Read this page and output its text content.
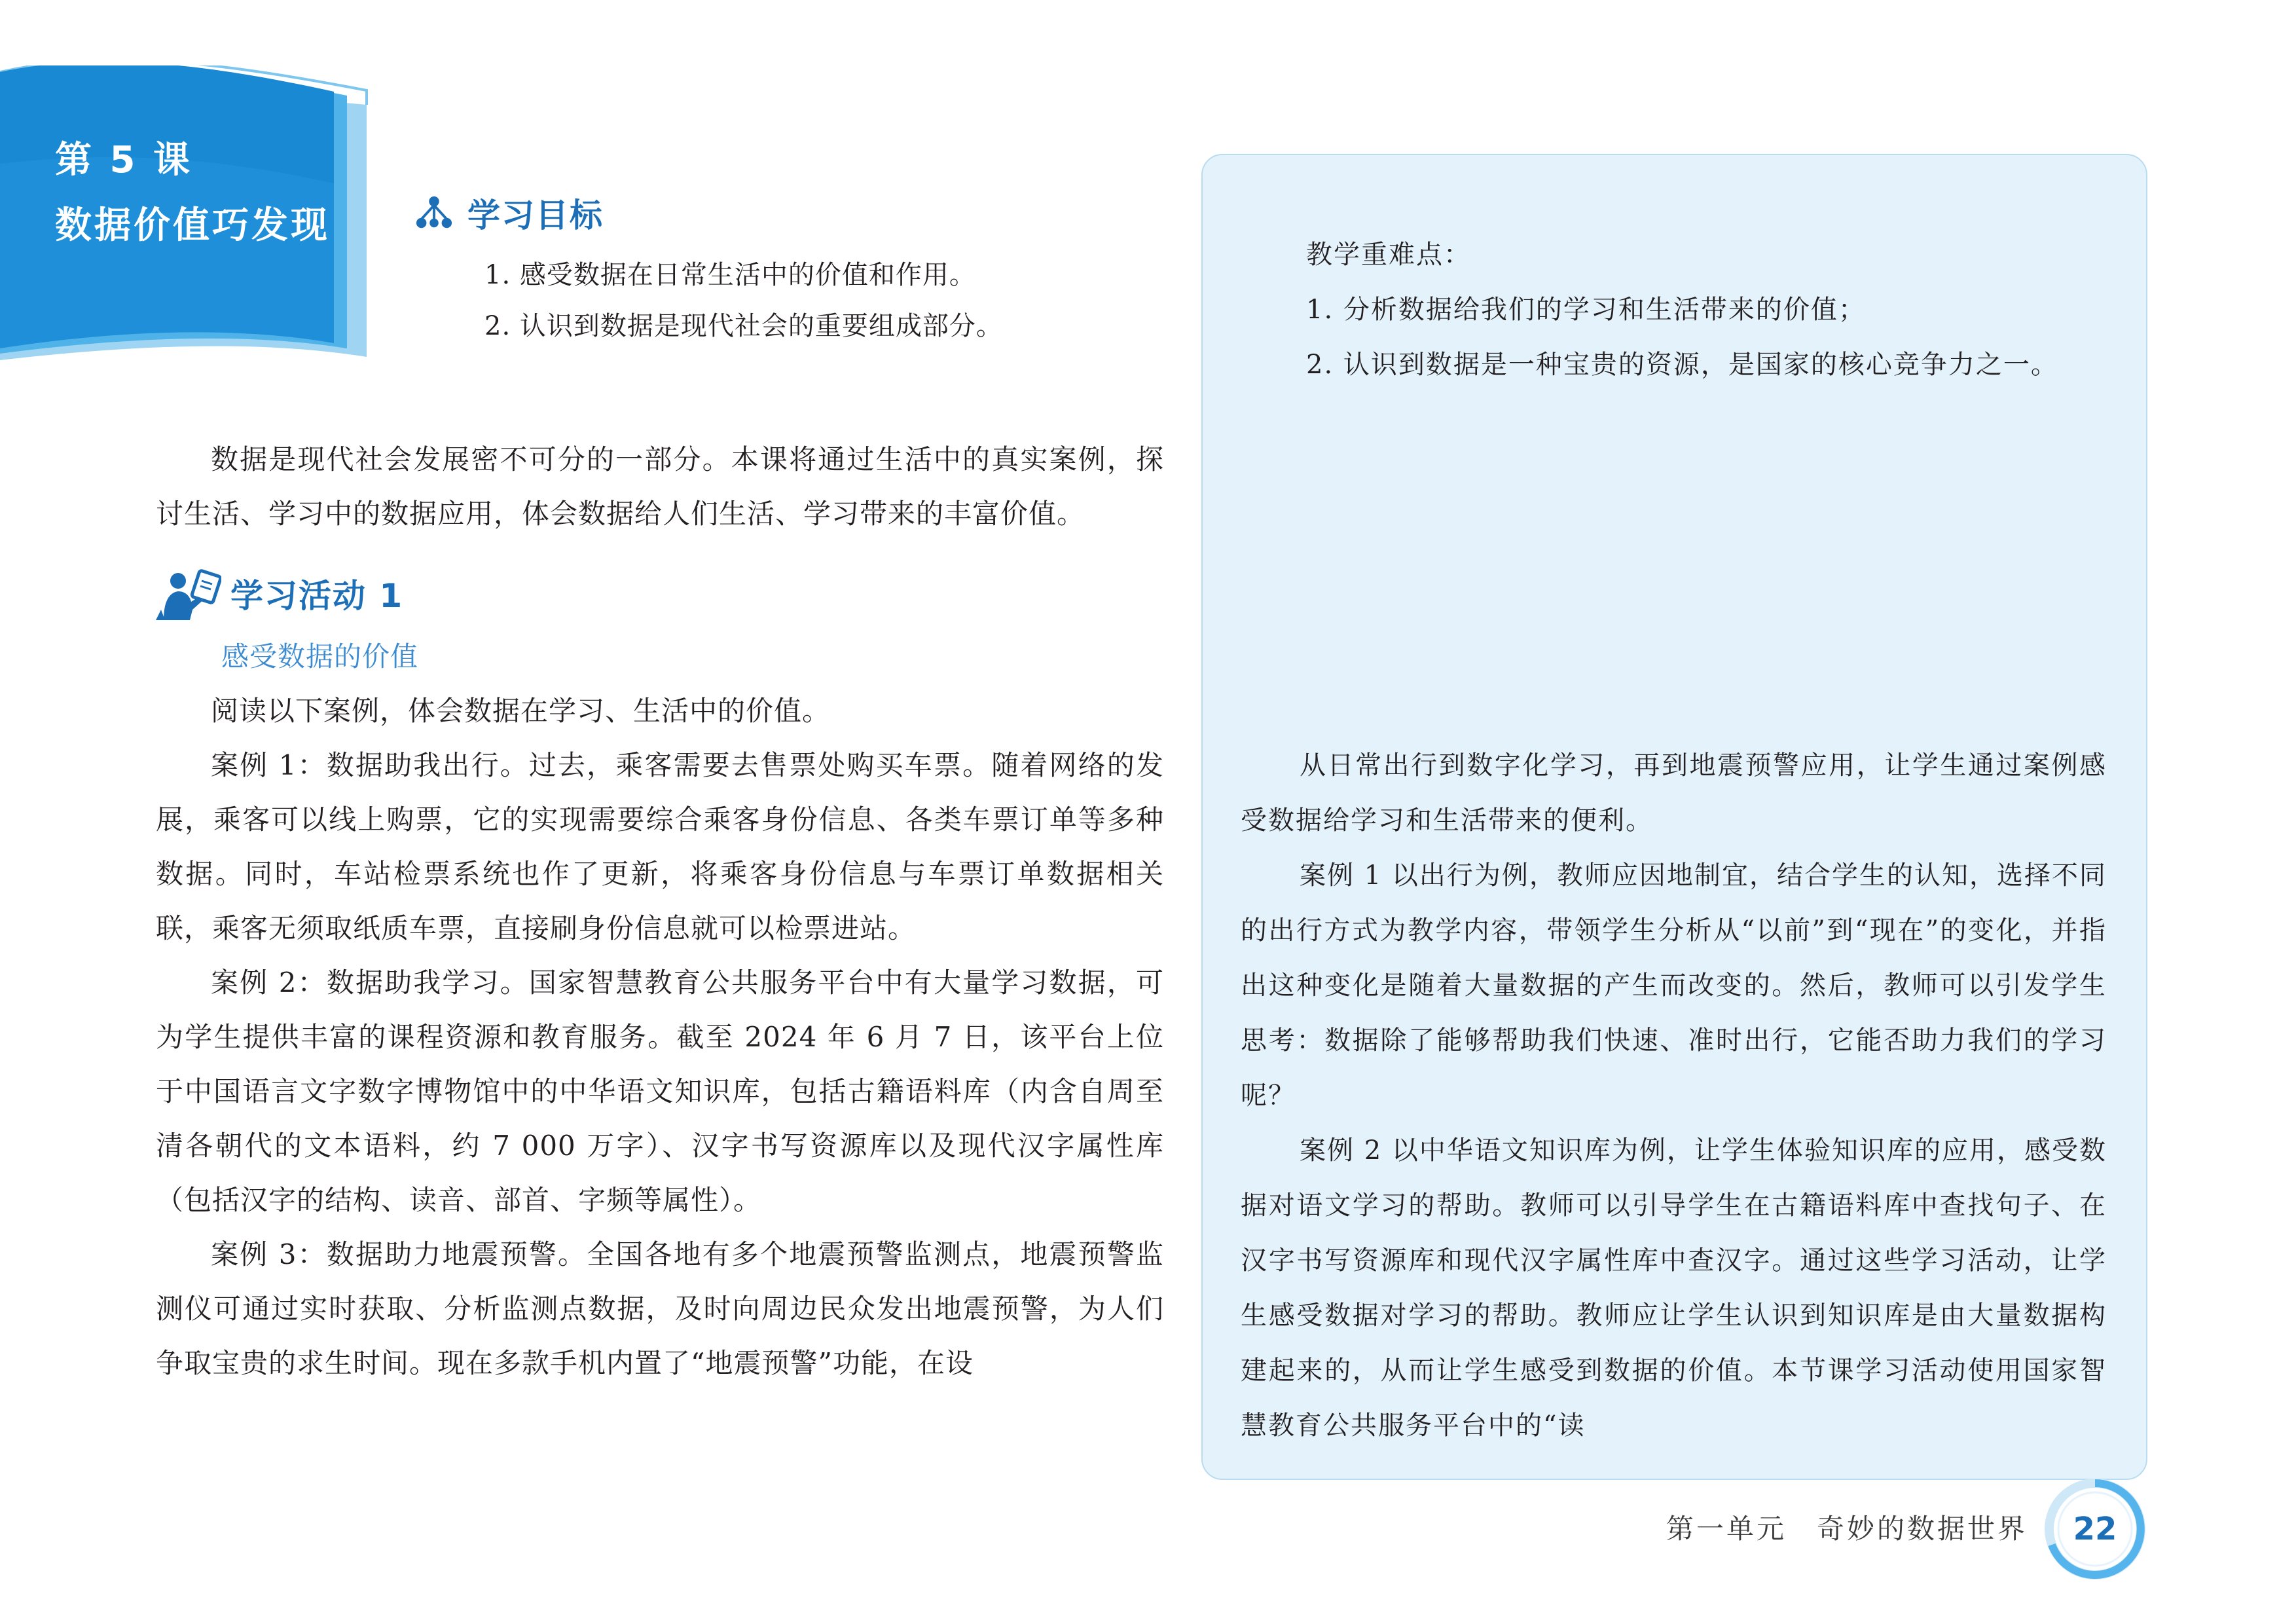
第 5 课
数据价值巧发现	学习目标
1. 感受数据在日常生活中的价值和作用。
2. 认识到数据是现代社会的重要组成部分。

数据是现代社会发展密不可分的一部分。本课将通过生活中的真实案例，探讨生活、学习中的数据应用，体会数据给人们生活、学习带来的丰富价值。

学习活动 1
感受数据的价值

阅读以下案例，体会数据在学习、生活中的价值。

案例 1：数据助我出行。过去，乘客需要去售票处购买车票。随着网络的发展，乘客可以线上购票，它的实现需要综合乘客身份信息、各类车票订单等多种数据。同时，车站检票系统也作了更新，将乘客身份信息与车票订单数据相关联，乘客无须取纸质车票，直接刷身份信息就可以检票进站。

案例 2：数据助我学习。国家智慧教育公共服务平台中有大量学习数据，可为学生提供丰富的课程资源和教育服务。截至 2024 年 6 月 7 日，该平台上位于中国语言文字数字博物馆中的中华语文知识库，包括古籍语料库（内含自周至清各朝代的文本语料，约 7 000 万字）、汉字书写资源库以及现代汉字属性库（包括汉字的结构、读音、部首、字频等属性）。

案例 3：数据助力地震预警。全国各地有多个地震预警监测点，地震预警监测仪可通过实时获取、分析监测点数据，及时向周边民众发出地震预警，为人们争取宝贵的求生时间。现在多款手机内置了“地震预警”功能，在设

教学重难点：
1. 分析数据给我们的学习和生活带来的价值；
2. 认识到数据是一种宝贵的资源，是国家的核心竞争力之一。

从日常出行到数字化学习，再到地震预警应用，让学生通过案例感受数据给学习和生活带来的便利。

案例 1 以出行为例，教师应因地制宜，结合学生的认知，选择不同的出行方式为教学内容，带领学生分析从“以前”到“现在”的变化，并指出这种变化是随着大量数据的产生而改变的。然后，教师可以引发学生思考：数据除了能够帮助我们快速、准时出行，它能否助力我们的学习呢？

案例 2 以中华语文知识库为例，让学生体验知识库的应用，感受数据对语文学习的帮助。教师可以引导学生在古籍语料库中查找句子、在汉字书写资源库和现代汉字属性库中查汉字。通过这些学习活动，让学生感受数据对学习的帮助。教师应让学生认识到知识库是由大量数据构建起来的，从而让学生感受到数据的价值。本节课学习活动使用国家智慧教育公共服务平台中的“读

第一单元　奇妙的数据世界	22
